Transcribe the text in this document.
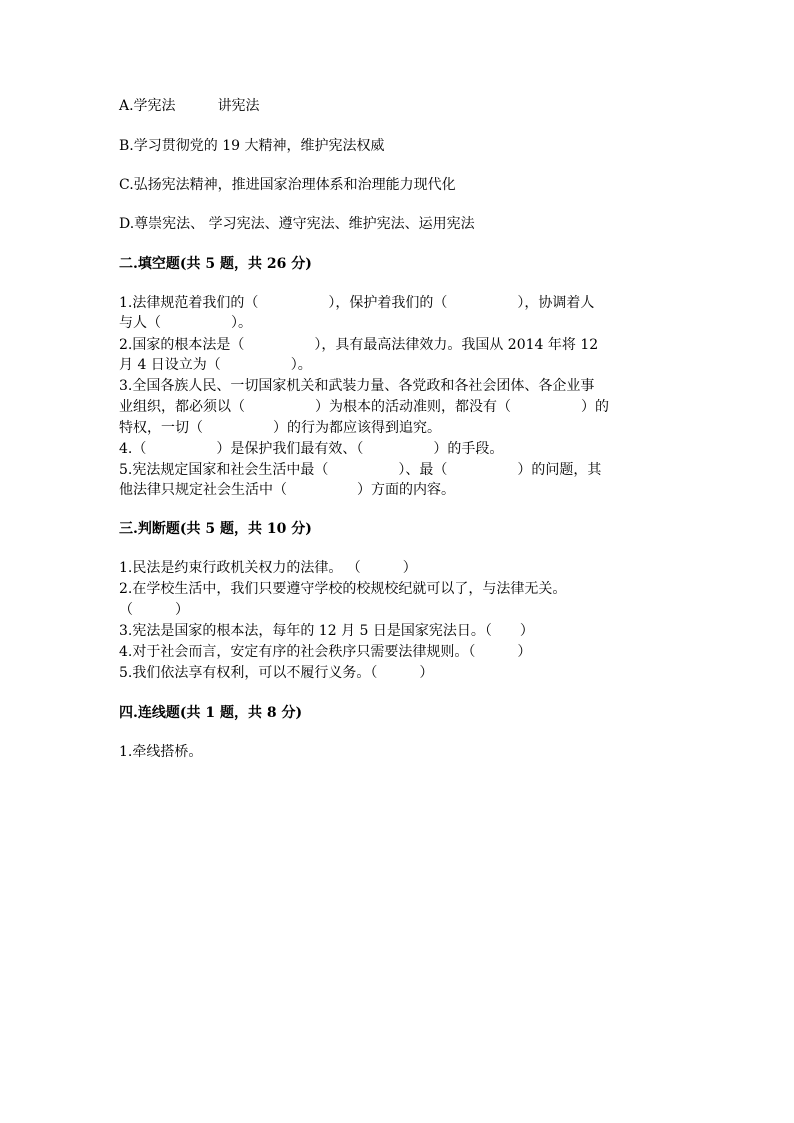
A.学宪法	讲宪法
B.学习贯彻党的 19 大精神，维护宪法权威
C.弘扬宪法精神，推进国家治理体系和治理能力现代化
D.尊崇宪法、 学习宪法、遵守宪法、维护宪法、运用宪法
二.填空题(共 5 题，共 26 分)
1.法律规范着我们的（　　　　　），保护着我们的（　　　　　），协调着人
与人（　　　　　）。
2.国家的根本法是（　　　　　），具有最高法律效力。我国从 2014 年将 12
月 4 日设立为（　　　　　）。
3.全国各族人民、一切国家机关和武装力量、各党政和各社会团体、各企业事
业组织，都必须以（　　　　　）为根本的活动准则，都没有（　　　　　）的
特权，一切（　　　　　）的行为都应该得到追究。
4.（　　　　　）是保护我们最有效、（　　　　　）的手段。
5.宪法规定国家和社会生活中最（　　　　　）、最（　　　　　）的问题，其
他法律只规定社会生活中（　　　　　）方面的内容。
三.判断题(共 5 题，共 10 分)
1.民法是约束行政机关权力的法律。 （　　　）
2.在学校生活中，我们只要遵守学校的校规校纪就可以了，与法律无关。
（　　　）
3.宪法是国家的根本法，每年的 12 月 5 日是国家宪法日。（　　）
4.对于社会而言，安定有序的社会秩序只需要法律规则。（　　　）
5.我们依法享有权利，可以不履行义务。（　　　）
四.连线题(共 1 题，共 8 分)
1.牵线搭桥。
